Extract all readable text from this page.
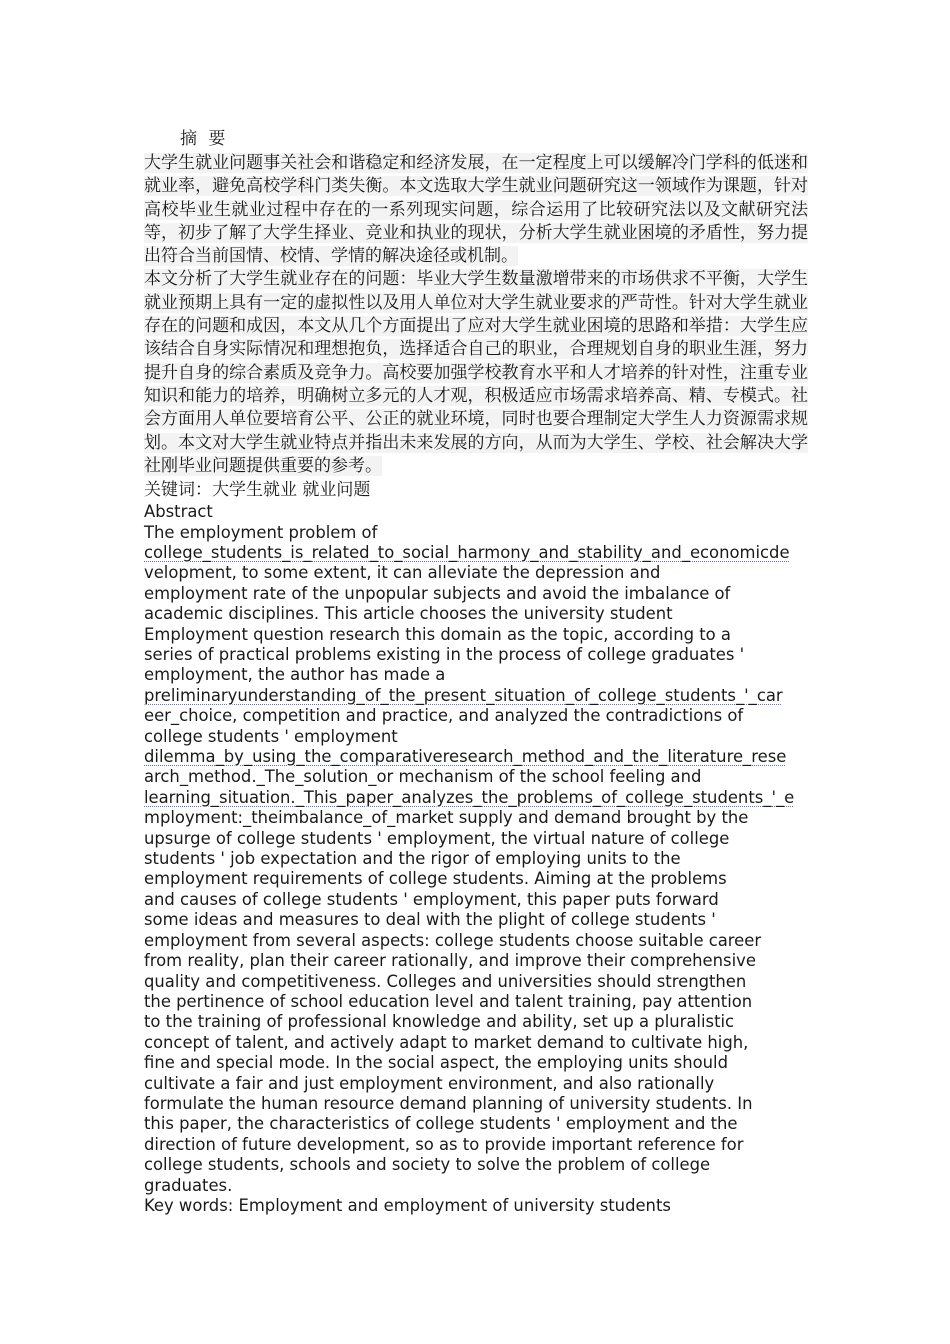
摘 要
大学生就业问题事关社会和谐稳定和经济发展，在一定程度上可以缓解冷门学科的低迷和就业率，避免高校学科门类失衡。本文选取大学生就业问题研究这一领域作为课题，针对高校毕业生就业过程中存在的一系列现实问题，综合运用了比较研究法以及文献研究法等，初步了解了大学生择业、竞业和执业的现状，分析大学生就业困境的矛盾性，努力提出符合当前国情、校情、学情的解决途径或机制。
本文分析了大学生就业存在的问题：毕业大学生数量激增带来的市场供求不平衡，大学生就业预期上具有一定的虚拟性以及用人单位对大学生就业要求的严苛性。针对大学生就业存在的问题和成因，本文从几个方面提出了应对大学生就业困境的思路和举措：大学生应该结合自身实际情况和理想抱负，选择适合自己的职业，合理规划自身的职业生涯，努力提升自身的综合素质及竞争力。高校要加强学校教育水平和人才培养的针对性，注重专业知识和能力的培养，明确树立多元的人才观，积极适应市场需求培养高、精、专模式。社会方面用人单位要培育公平、公正的就业环境，同时也要合理制定大学生人力资源需求规划。本文对大学生就业特点并指出未来发展的方向，从而为大学生、学校、社会解决大学社刚毕业问题提供重要的参考。
关键词：大学生就业 就业问题
Abstract
The employment problem of
college_students_is_related_to_social_harmony_and_stability_and_economicde
velopment, to some extent, it can alleviate the depression and
employment rate of the unpopular subjects and avoid the imbalance of
academic disciplines. This article chooses the university student
Employment question research this domain as the topic, according to a
series of practical problems existing in the process of college graduates '
employment, the author has made a
preliminaryunderstanding_of_the_present_situation_of_college_students_'_car
eer_choice, competition and practice, and analyzed the contradictions of
college students ' employment
dilemma_by_using_the_comparativeresearch_method_and_the_literature_rese
arch_method._The_solution_or mechanism of the school feeling and
learning_situation._This_paper_analyzes_the_problems_of_college_students_'_e
mployment:_theimbalance_of_market supply and demand brought by the
upsurge of college students ' employment, the virtual nature of college
students ' job expectation and the rigor of employing units to the
employment requirements of college students. Aiming at the problems
and causes of college students ' employment, this paper puts forward
some ideas and measures to deal with the plight of college students '
employment from several aspects: college students choose suitable career
from reality, plan their career rationally, and improve their comprehensive
quality and competitiveness. Colleges and universities should strengthen
the pertinence of school education level and talent training, pay attention
to the training of professional knowledge and ability, set up a pluralistic
concept of talent, and actively adapt to market demand to cultivate high,
fine and special mode. In the social aspect, the employing units should
cultivate a fair and just employment environment, and also rationally
formulate the human resource demand planning of university students. In
this paper, the characteristics of college students ' employment and the
direction of future development, so as to provide important reference for
college students, schools and society to solve the problem of college
graduates.
Key words: Employment and employment of university students
